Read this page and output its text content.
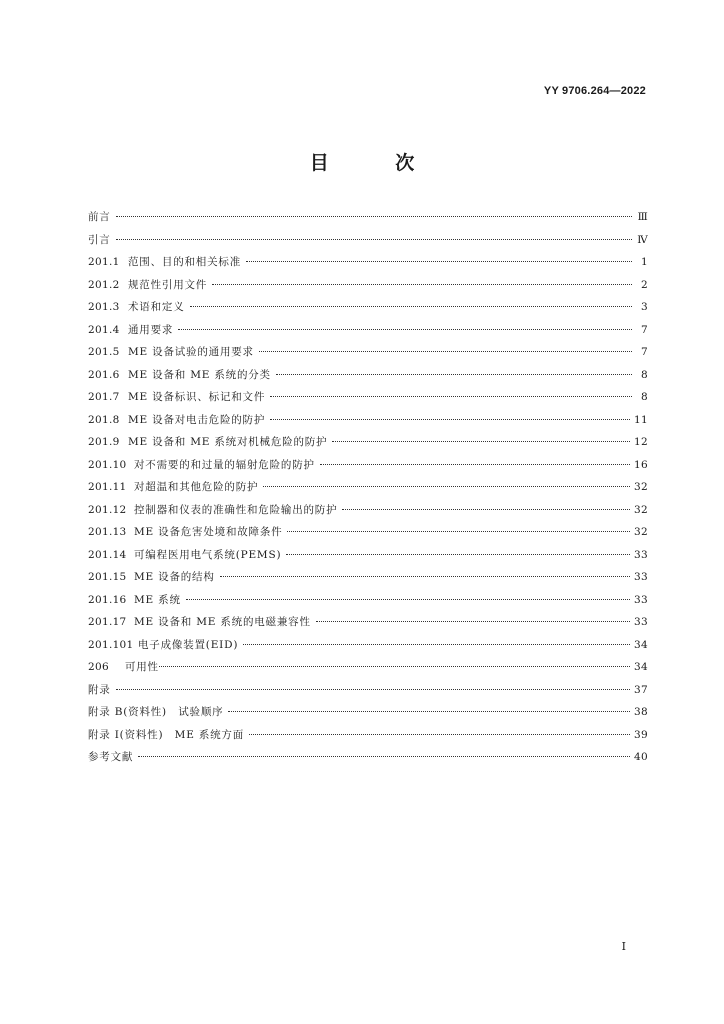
YY 9706.264—2022
目 次
前言	Ⅲ
引言	Ⅳ
201.1 范围、目的和相关标准	1
201.2 规范性引用文件	2
201.3 术语和定义	3
201.4 通用要求	7
201.5 ME 设备试验的通用要求	7
201.6 ME 设备和 ME 系统的分类	8
201.7 ME 设备标识、标记和文件	8
201.8 ME 设备对电击危险的防护	11
201.9 ME 设备和 ME 系统对机械危险的防护	12
201.10 对不需要的和过量的辐射危险的防护	16
201.11 对超温和其他危险的防护	32
201.12 控制器和仪表的准确性和危险输出的防护	32
201.13 ME 设备危害处境和故障条件	32
201.14 可编程医用电气系统(PEMS)	33
201.15 ME 设备的结构	33
201.16 ME 系统	33
201.17 ME 设备和 ME 系统的电磁兼容性	33
201.101 电子成像装置(EID)	34
206 可用性	34
附录	37
附录 B(资料性)　试验顺序	38
附录 I(资料性)　ME 系统方面	39
参考文献	40
I
